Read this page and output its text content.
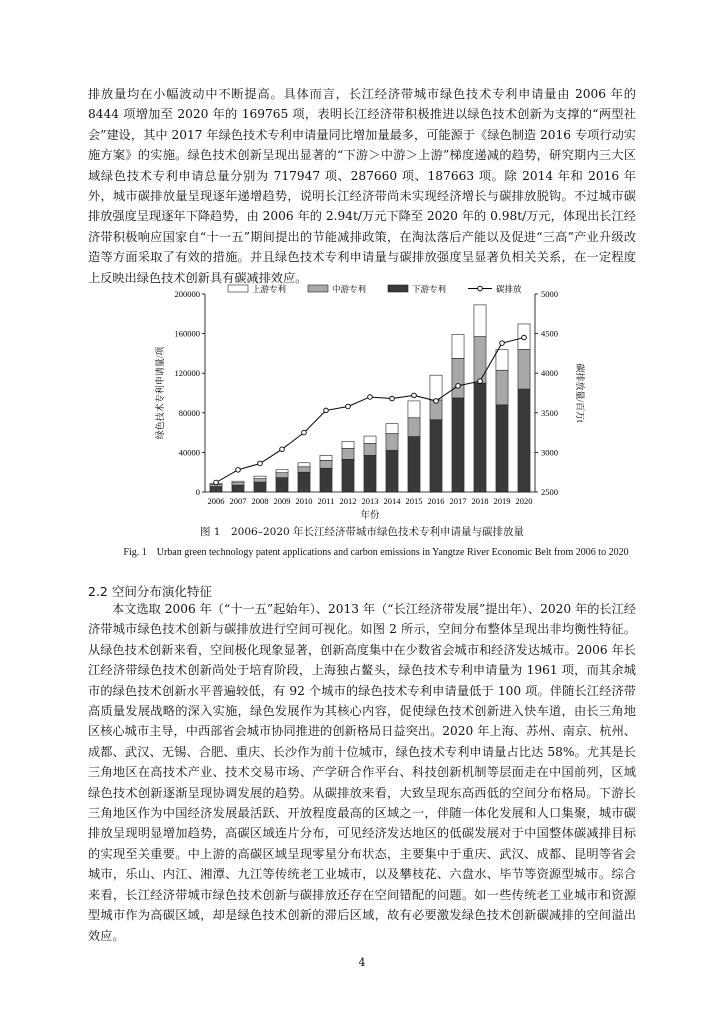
排放量均在小幅波动中不断提高。具体而言，长江经济带城市绿色技术专利申请量由 2006 年的 8444 项增加至 2020 年的 169765 项，表明长江经济带积极推进以绿色技术创新为支撑的“两型社会”建设，其中 2017 年绿色技术专利申请量同比增加量最多，可能源于《绿色制造 2016 专项行动实施方案》的实施。绿色技术创新呈现出显著的“下游＞中游＞上游”梯度递减的趋势，研究期内三大区域绿色技术专利申请总量分别为 717947 项、287660 项、187663 项。除 2014 年和 2016 年外，城市碳排放量呈现逐年递增趋势，说明长江经济带尚未实现经济增长与碳排放脱钩。不过城市碳排放强度呈现逐年下降趋势，由 2006 年的 2.94t/万元下降至 2020 年的 0.98t/万元，体现出长江经济带积极响应国家自“十一五”期间提出的节能减排政策，在淘汰落后产能以及促进“三高”产业升级改造等方面采取了有效的措施。并且绿色技术专利申请量与碳排放强度呈显著负相关关系，在一定程度上反映出绿色技术创新具有碳减排效应。

0
40000
80000
120000
160000
200000
2500
3000
3500
4000
4500
5000
2006 2007 2008 2009 2010 2011 2012 2013 2014 2015 2016 2017 2018 2019 2020
年份
绿色技术专利申请量/项	碳排放量/百万t
上游专利	中游专利	下游专利	碳排放
图 1　2006–2020 年长江经济带城市绿色技术专利申请量与碳排放量
Fig. 1　Urban green technology patent applications and carbon emissions in Yangtze River Economic Belt from 2006 to 2020
2.2 空间分布演化特征

本文选取 2006 年（“十一五”起始年）、2013 年（“长江经济带发展”提出年）、2020 年的长江经济带城市绿色技术创新与碳排放进行空间可视化。如图 2 所示，空间分布整体呈现出非均衡性特征。从绿色技术创新来看，空间极化现象显著，创新高度集中在少数省会城市和经济发达城市。2006 年长江经济带绿色技术创新尚处于培育阶段，上海独占鳌头，绿色技术专利申请量为 1961 项，而其余城市的绿色技术创新水平普遍较低，有 92 个城市的绿色技术专利申请量低于 100 项。伴随长江经济带高质量发展战略的深入实施，绿色发展作为其核心内容，促使绿色技术创新进入快车道，由长三角地区核心城市主导，中西部省会城市协同推进的创新格局日益突出。2020 年上海、苏州、南京、杭州、成都、武汉、无锡、合肥、重庆、长沙作为前十位城市，绿色技术专利申请量占比达 58%。尤其是长三角地区在高技术产业、技术交易市场、产学研合作平台、科技创新机制等层面走在中国前列，区域绿色技术创新逐渐呈现协调发展的趋势。从碳排放来看，大致呈现东高西低的空间分布格局。下游长三角地区作为中国经济发展最活跃、开放程度最高的区域之一，伴随一体化发展和人口集聚，城市碳排放呈现明显增加趋势，高碳区域连片分布，可见经济发达地区的低碳发展对于中国整体碳减排目标的实现至关重要。中上游的高碳区域呈现零星分布状态，主要集中于重庆、武汉、成都、昆明等省会城市，乐山、内江、湘潭、九江等传统老工业城市，以及攀枝花、六盘水、毕节等资源型城市。综合来看，长江经济带城市绿色技术创新与碳排放还存在空间错配的问题。如一些传统老工业城市和资源型城市作为高碳区域，却是绿色技术创新的滞后区域，故有必要激发绿色技术创新碳减排的空间溢出效应。

4
